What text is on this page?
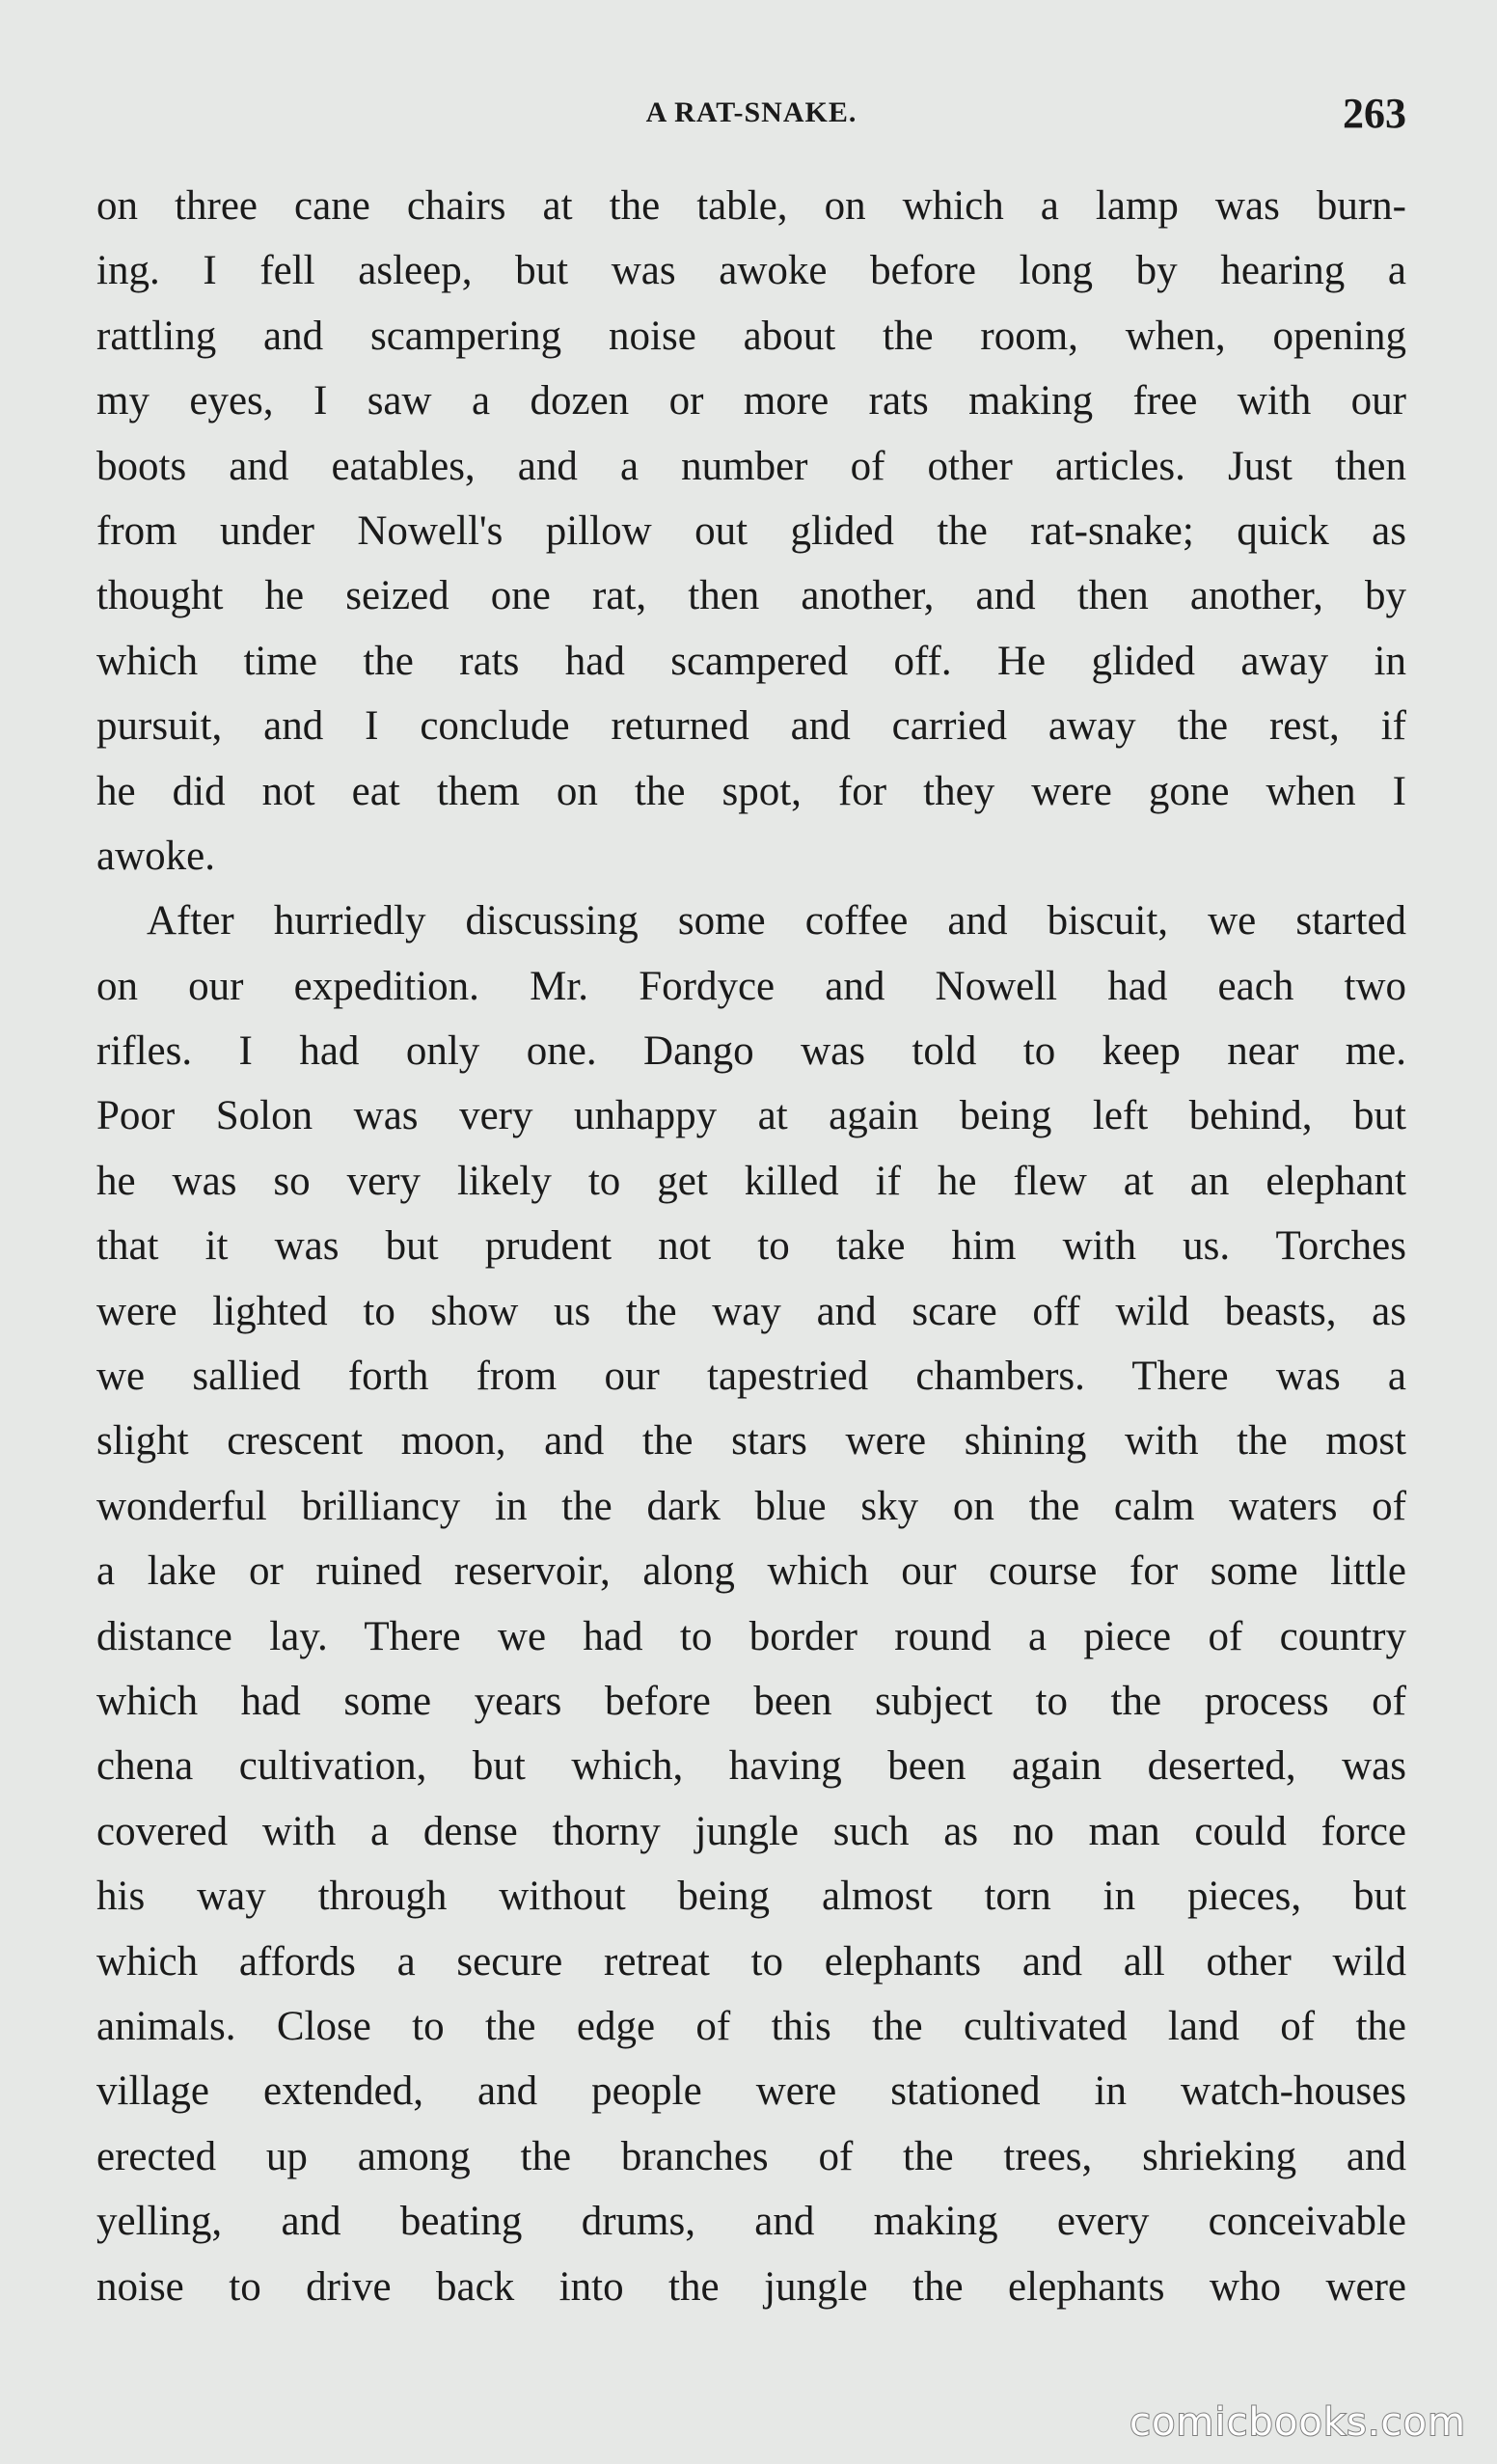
A RAT-SNAKE.	263
on three cane chairs at the table, on which a lamp was burn-
ing. I fell asleep, but was awoke before long by hearing a
rattling and scampering noise about the room, when, opening
my eyes, I saw a dozen or more rats making free with our
boots and eatables, and a number of other articles. Just then
from under Nowell's pillow out glided the rat-snake; quick as
thought he seized one rat, then another, and then another, by
which time the rats had scampered off. He glided away in
pursuit, and I conclude returned and carried away the rest, if
he did not eat them on the spot, for they were gone when I
awoke.
After hurriedly discussing some coffee and biscuit, we started
on our expedition. Mr. Fordyce and Nowell had each two
rifles. I had only one. Dango was told to keep near me.
Poor Solon was very unhappy at again being left behind, but
he was so very likely to get killed if he flew at an elephant
that it was but prudent not to take him with us. Torches
were lighted to show us the way and scare off wild beasts, as
we sallied forth from our tapestried chambers. There was a
slight crescent moon, and the stars were shining with the most
wonderful brilliancy in the dark blue sky on the calm waters of
a lake or ruined reservoir, along which our course for some little
distance lay. There we had to border round a piece of country
which had some years before been subject to the process of
chena cultivation, but which, having been again deserted, was
covered with a dense thorny jungle such as no man could force
his way through without being almost torn in pieces, but
which affords a secure retreat to elephants and all other wild
animals. Close to the edge of this the cultivated land of the
village extended, and people were stationed in watch-houses
erected up among the branches of the trees, shrieking and
yelling, and beating drums, and making every conceivable
noise to drive back into the jungle the elephants who were
comicbooks.com
